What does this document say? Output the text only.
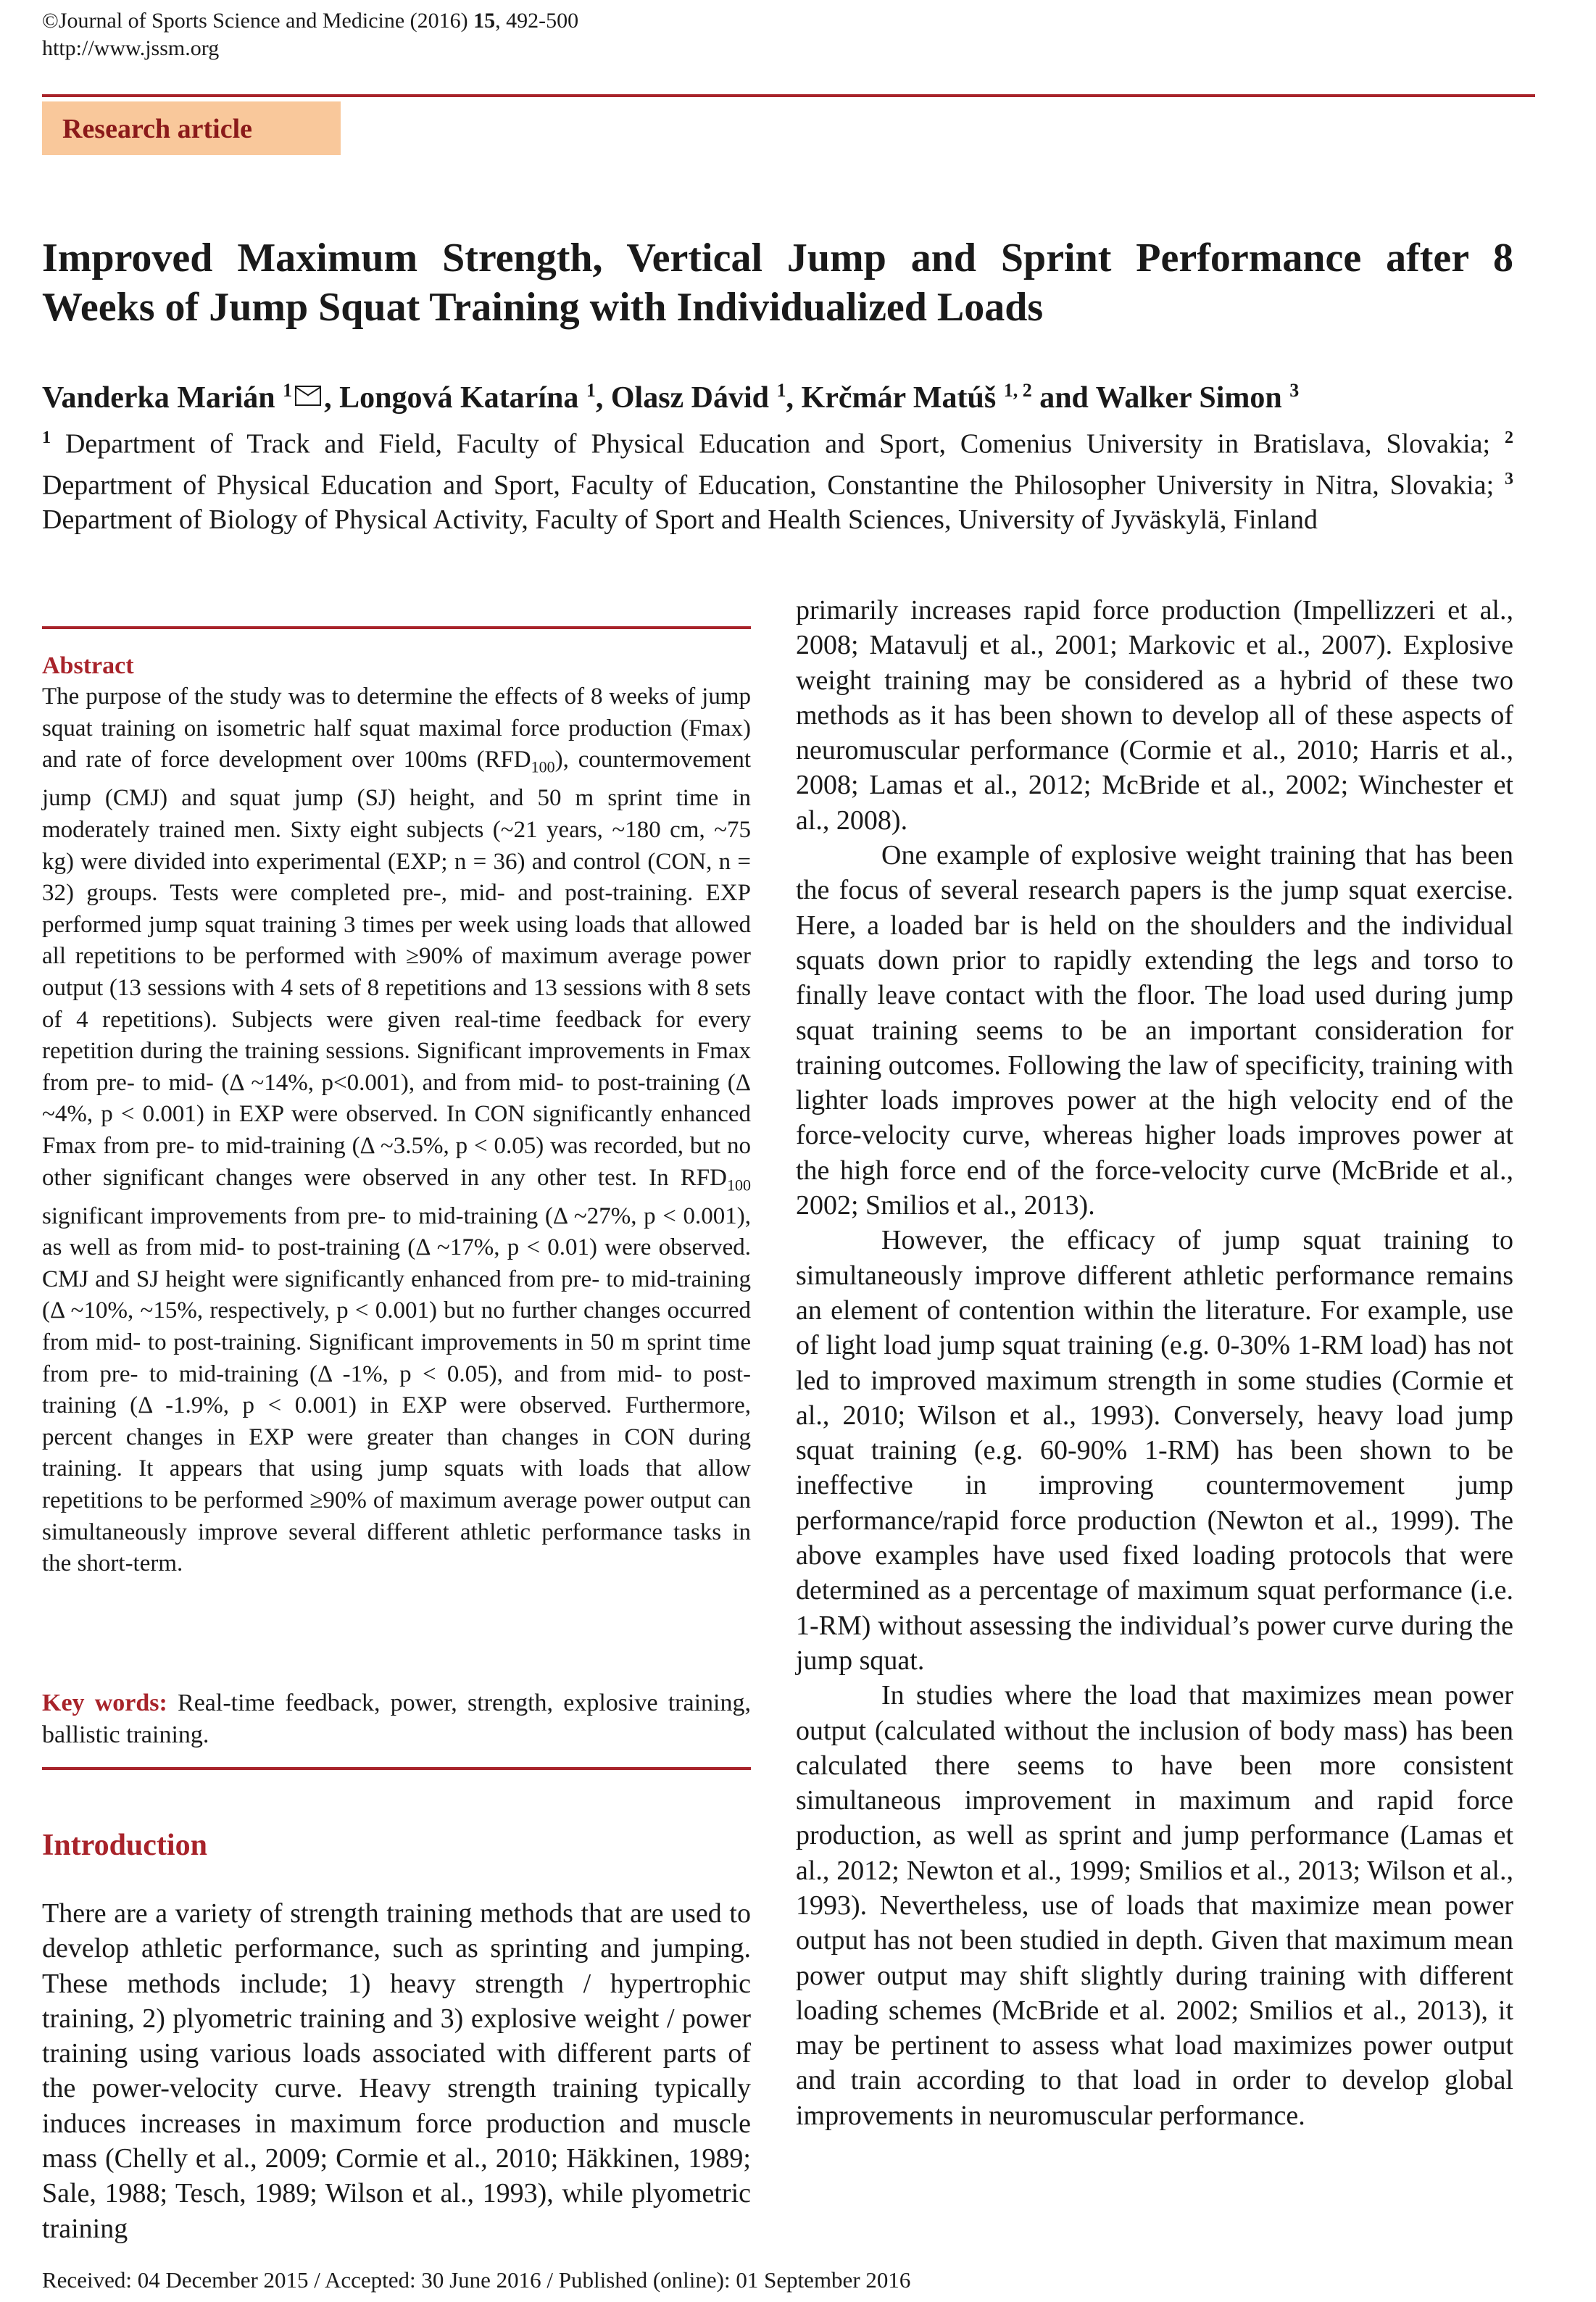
©Journal of Sports Science and Medicine (2016) 15, 492-500
http://www.jssm.org
Research article
Improved Maximum Strength, Vertical Jump and Sprint Performance after 8
Weeks of Jump Squat Training with Individualized Loads
Vanderka Marián $^1$ , Longová Katarína $^1$, Olasz Dávid $^1$, Krčmár Matúš $^{1, 2}$ and Walker Simon $^3$
$^1$ Department of Track and Field, Faculty of Physical Education and Sport, Comenius University in Bratislava, Slovakia; $^2$ Department of Physical Education and Sport, Faculty of Education, Constantine the Philosopher University in Nitra, Slovakia; $^3$ Department of Biology of Physical Activity, Faculty of Sport and Health Sciences, University of Jyväskylä, Finland
Abstract
The purpose of the study was to determine the effects of 8 weeks of jump squat training on isometric half squat maximal force production (Fmax) and rate of force development over 100ms $(RFD_{100})$, countermovement jump (CMJ) and squat jump (SJ) height, and 50 m sprint time in moderately trained men. Sixty eight subjects (~21 years, ~180 cm, ~75 kg) were divided into experimental (EXP; n = 36) and control (CON, n = 32) groups. Tests were completed pre-, mid- and post-training. EXP performed jump squat training 3 times per week using loads that allowed all repetitions to be performed with ≥90% of maximum average power output (13 sessions with 4 sets of 8 repetitions and 13 sessions with 8 sets of 4 repetitions). Subjects were given real-time feedback for every repetition during the training sessions. Significant improvements in Fmax from pre- to mid- (Δ ~14%, p<0.001), and from mid- to post-training (Δ ~4%, p < 0.001) in EXP were observed. In CON significantly enhanced Fmax from pre- to mid-training (Δ ~3.5%, p < 0.05) was recorded, but no other significant changes were observed in any other test. In $RFD_{100}$ significant improvements from pre- to mid-training (Δ ~27%, p < 0.001), as well as from mid- to post-training (Δ ~17%, p < 0.01) were observed. CMJ and SJ height were significantly enhanced from pre- to mid-training (Δ ~10%, ~15%, respectively, p < 0.001) but no further changes occurred from mid- to post-training. Significant improvements in 50 m sprint time from pre- to mid-training (Δ -1%, p < 0.05), and from mid- to post-training (Δ -1.9%, p < 0.001) in EXP were observed. Furthermore, percent changes in EXP were greater than changes in CON during training. It appears that using jump squats with loads that allow repetitions to be performed ≥90% of maximum average power output can simultaneously improve several different athletic performance tasks in the short-term.
Key words: Real-time feedback, power, strength, explosive training, ballistic training.
Introduction
There are a variety of strength training methods that are used to develop athletic performance, such as sprinting and jumping. These methods include; 1) heavy strength / hypertrophic training, 2) plyometric training and 3) explosive weight / power training using various loads associated with different parts of the power-velocity curve. Heavy strength training typically induces increases in maximum force production and muscle mass (Chelly et al., 2009; Cormie et al., 2010; Häkkinen, 1989; Sale, 1988; Tesch, 1989; Wilson et al., 1993), while plyometric training

primarily increases rapid force production (Impellizzeri et al., 2008; Matavulj et al., 2001; Markovic et al., 2007). Explosive weight training may be considered as a hybrid of these two methods as it has been shown to develop all of these aspects of neuromuscular performance (Cormie et al., 2010; Harris et al., 2008; Lamas et al., 2012; McBride et al., 2002; Winchester et al., 2008).

One example of explosive weight training that has been the focus of several research papers is the jump squat exercise. Here, a loaded bar is held on the shoulders and the individual squats down prior to rapidly extending the legs and torso to finally leave contact with the floor. The load used during jump squat training seems to be an important consideration for training outcomes. Following the law of specificity, training with lighter loads improves power at the high velocity end of the force-velocity curve, whereas higher loads improves power at the high force end of the force-velocity curve (McBride et al., 2002; Smilios et al., 2013).

However, the efficacy of jump squat training to simultaneously improve different athletic performance remains an element of contention within the literature. For example, use of light load jump squat training (e.g. 0-30% 1-RM load) has not led to improved maximum strength in some studies (Cormie et al., 2010; Wilson et al., 1993). Conversely, heavy load jump squat training (e.g. 60-90% 1-RM) has been shown to be ineffective in improving countermovement jump performance/rapid force production (Newton et al., 1999). The above examples have used fixed loading protocols that were determined as a percentage of maximum squat performance (i.e. 1-RM) without assessing the individual’s power curve during the jump squat.

In studies where the load that maximizes mean power output (calculated without the inclusion of body mass) has been calculated there seems to have been more consistent simultaneous improvement in maximum and rapid force production, as well as sprint and jump performance (Lamas et al., 2012; Newton et al., 1999; Smilios et al., 2013; Wilson et al., 1993). Nevertheless, use of loads that maximize mean power output has not been studied in depth. Given that maximum mean power output may shift slightly during training with different loading schemes (McBride et al. 2002; Smilios et al., 2013), it may be pertinent to assess what load maximizes power output and train according to that load in order to develop global improvements in neuromuscular performance.

Received: 04 December 2015 / Accepted: 30 June 2016 / Published (online): 01 September 2016
